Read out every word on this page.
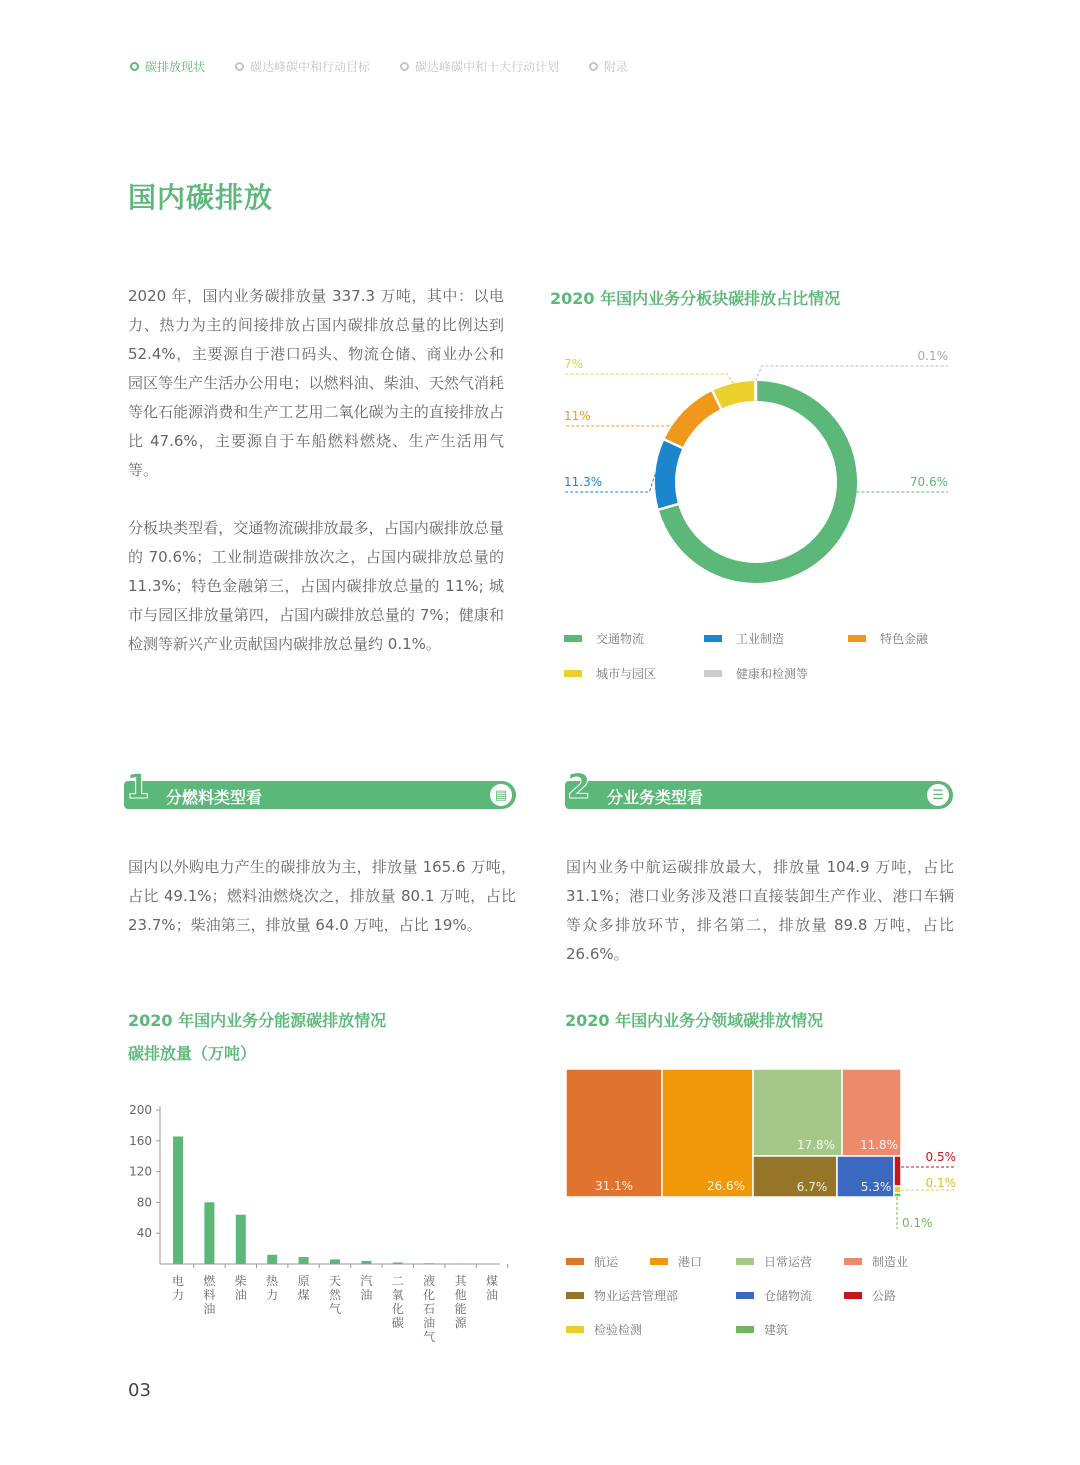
碳排放现状	碳达峰碳中和行动目标	碳达峰碳中和十大行动计划	附录
国内碳排放
2020 年，国内业务碳排放量 337.3 万吨，其中：以电力、热力为主的间接排放占国内碳排放总量的比例达到 52.4%，主要源自于港口码头、物流仓储、商业办公和园区等生产生活办公用电；以燃料油、柴油、天然气消耗等化石能源消费和生产工艺用二氧化碳为主的直接排放占比 47.6%，主要源自于车船燃料燃烧、生产生活用气等。
分板块类型看，交通物流碳排放最多，占国内碳排放总量的 70.6%；工业制造碳排放次之，占国内碳排放总量的 11.3%；特色金融第三，占国内碳排放总量的 11%; 城市与园区排放量第四，占国内碳排放总量的 7%；健康和检测等新兴产业贡献国内碳排放总量约 0.1%。
2020 年国内业务分板块碳排放占比情况
70.6%
11.3%
11%
7%
0.1%
交通物流	工业制造	特色金融
城市与园区	健康和检测等
1 分燃料类型看	▤
国内以外购电力产生的碳排放为主，排放量 165.6 万吨，占比 49.1%；燃料油燃烧次之，排放量 80.1 万吨，占比 23.7%；柴油第三，排放量 64.0 万吨，占比 19%。
2 分业务类型看	☰
国内业务中航运碳排放最大，排放量 104.9 万吨，占比 31.1%；港口业务涉及港口直接装卸生产作业、港口车辆等众多排放环节，排名第二，排放量 89.8 万吨，占比 26.6%。
2020 年国内业务分能源碳排放情况
碳排放量（万吨）
40
80
120
160
200
电力
燃料油
柴油
热力
原煤
天然气
汽油
二氧化碳
液化石油气
其他能源
煤油
2020 年国内业务分领域碳排放情况
31.1%	26.6%
17.8% 11.8%
6.7%	5.3%
0.5%
0.1%
0.1%
航运	港口	日常运营	制造业
物业运营管理部	仓储物流	公路
检验检测	建筑
03
